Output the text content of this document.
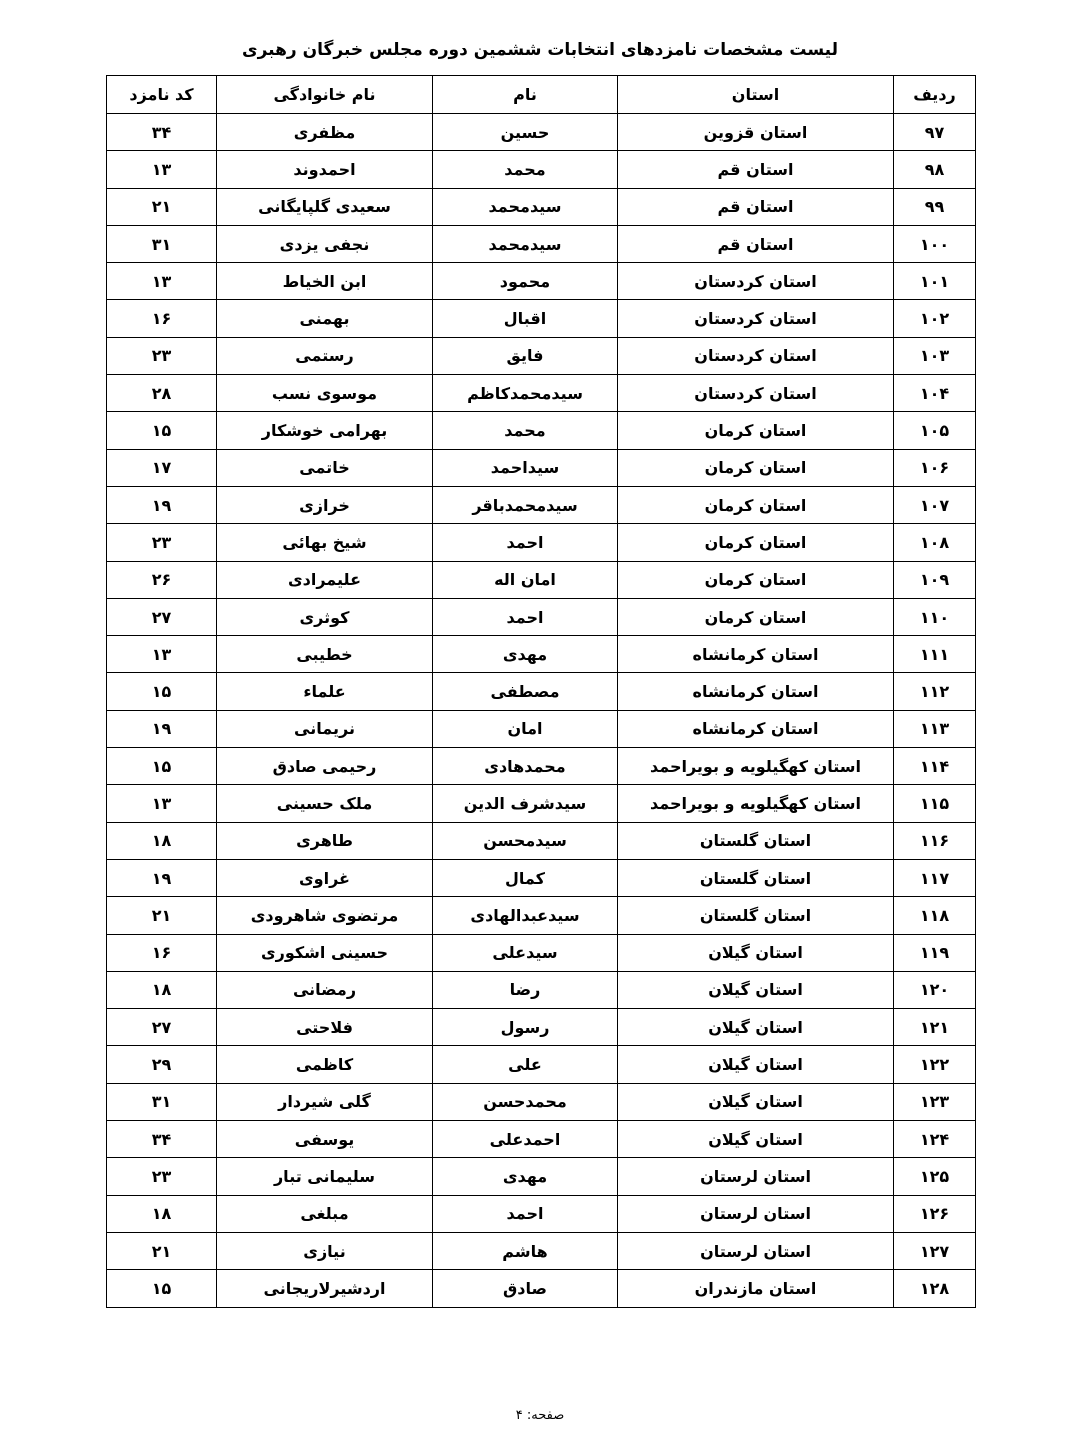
لیست مشخصات نامزدهای انتخابات ششمین دوره مجلس خبرگان رهبری
ردیف	استان	نام	نام خانوادگی	کد نامزد
۹۷	استان قزوین	حسین	مظفری	۳۴
۹۸	استان قم	محمد	احمدوند	۱۳
۹۹	استان قم	سیدمحمد	سعیدی گلپایگانی	۲۱
۱۰۰	استان قم	سیدمحمد	نجفی یزدی	۳۱
۱۰۱	استان کردستان	محمود	ابن الخیاط	۱۳
۱۰۲	استان کردستان	اقبال	بهمنی	۱۶
۱۰۳	استان کردستان	فایق	رستمی	۲۳
۱۰۴	استان کردستان	سیدمحمدکاظم	موسوی نسب	۲۸
۱۰۵	استان کرمان	محمد	بهرامی خوشکار	۱۵
۱۰۶	استان کرمان	سیداحمد	خاتمی	۱۷
۱۰۷	استان کرمان	سیدمحمدباقر	خرازی	۱۹
۱۰۸	استان کرمان	احمد	شیخ بهائی	۲۳
۱۰۹	استان کرمان	امان اله	علیمرادی	۲۶
۱۱۰	استان کرمان	احمد	کوثری	۲۷
۱۱۱	استان کرمانشاه	مهدی	خطیبی	۱۳
۱۱۲	استان کرمانشاه	مصطفی	علماء	۱۵
۱۱۳	استان کرمانشاه	امان	نریمانی	۱۹
۱۱۴	استان کهگیلویه و بویراحمد	محمدهادی	رحیمی صادق	۱۵
۱۱۵	استان کهگیلویه و بویراحمد	سیدشرف الدین	ملک حسینی	۱۳
۱۱۶	استان گلستان	سیدمحسن	طاهری	۱۸
۱۱۷	استان گلستان	کمال	غراوی	۱۹
۱۱۸	استان گلستان	سیدعبدالهادی	مرتضوی شاهرودی	۲۱
۱۱۹	استان گیلان	سیدعلی	حسینی اشکوری	۱۶
۱۲۰	استان گیلان	رضا	رمضانی	۱۸
۱۲۱	استان گیلان	رسول	فلاحتی	۲۷
۱۲۲	استان گیلان	علی	کاظمی	۲۹
۱۲۳	استان گیلان	محمدحسن	گلی شیردار	۳۱
۱۲۴	استان گیلان	احمدعلی	یوسفی	۳۴
۱۲۵	استان لرستان	مهدی	سلیمانی تبار	۲۳
۱۲۶	استان لرستان	احمد	مبلغی	۱۸
۱۲۷	استان لرستان	هاشم	نیازی	۲۱
۱۲۸	استان مازندران	صادق	اردشیرلاریجانی	۱۵
صفحه: ۴
